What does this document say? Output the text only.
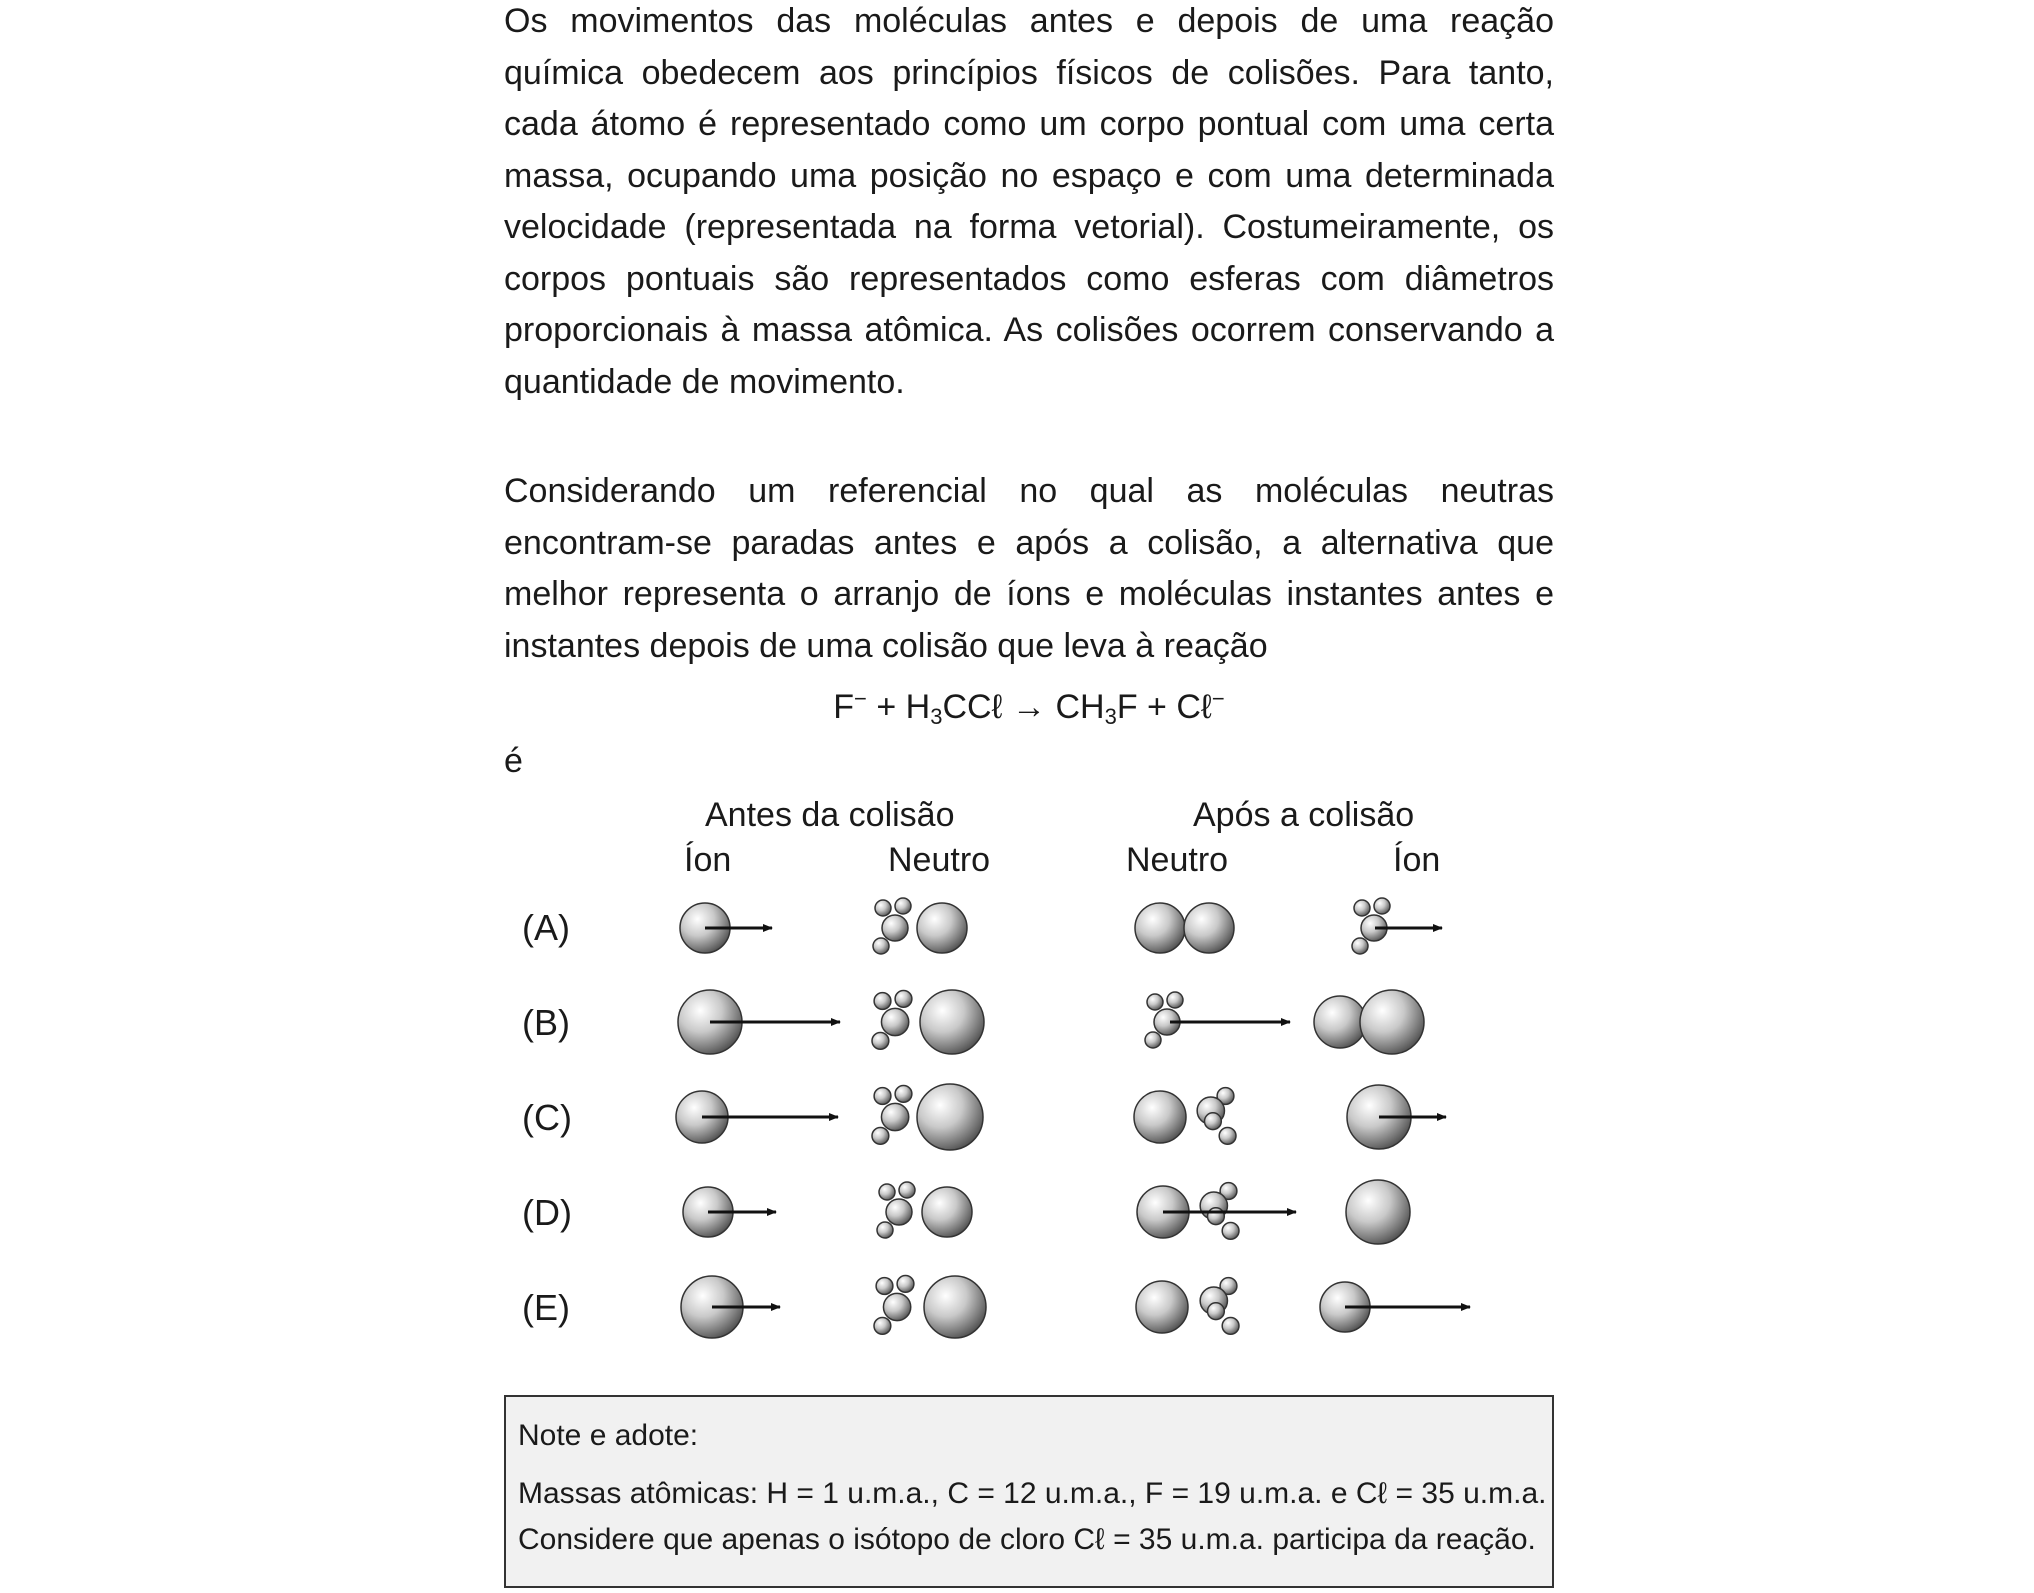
Os movimentos das moléculas antes e depois de uma reação química obedecem aos princípios físicos de colisões. Para tanto, cada átomo é representado como um corpo pontual com uma certa massa, ocupando uma posição no espaço e com uma determinada velocidade (representada na forma vetorial). Costumeiramente, os corpos pontuais são representados como esferas com diâmetros proporcionais à massa atômica. As colisões ocorrem conservando a quantidade de movimento.

Considerando um referencial no qual as moléculas neutras encontram-se paradas antes e após a colisão, a alternativa que melhor representa o arranjo de íons e moléculas instantes antes e instantes depois de uma colisão que leva à reação

$F^- + H_3CC\ell \to CH_3F$ + Cℓ−
é
Antes da colisão	Após a colisão
Íon	Neutro	Neutro	Íon
(A)
(B)
(C)
(D)
(E)
Note e adote:
Massas atômicas: H = 1 u.m.a., C = 12 u.m.a., F = 19 u.m.a. e Cℓ = 35 u.m.a.
Considere que apenas o isótopo de cloro Cℓ = 35 u.m.a. participa da reação.
